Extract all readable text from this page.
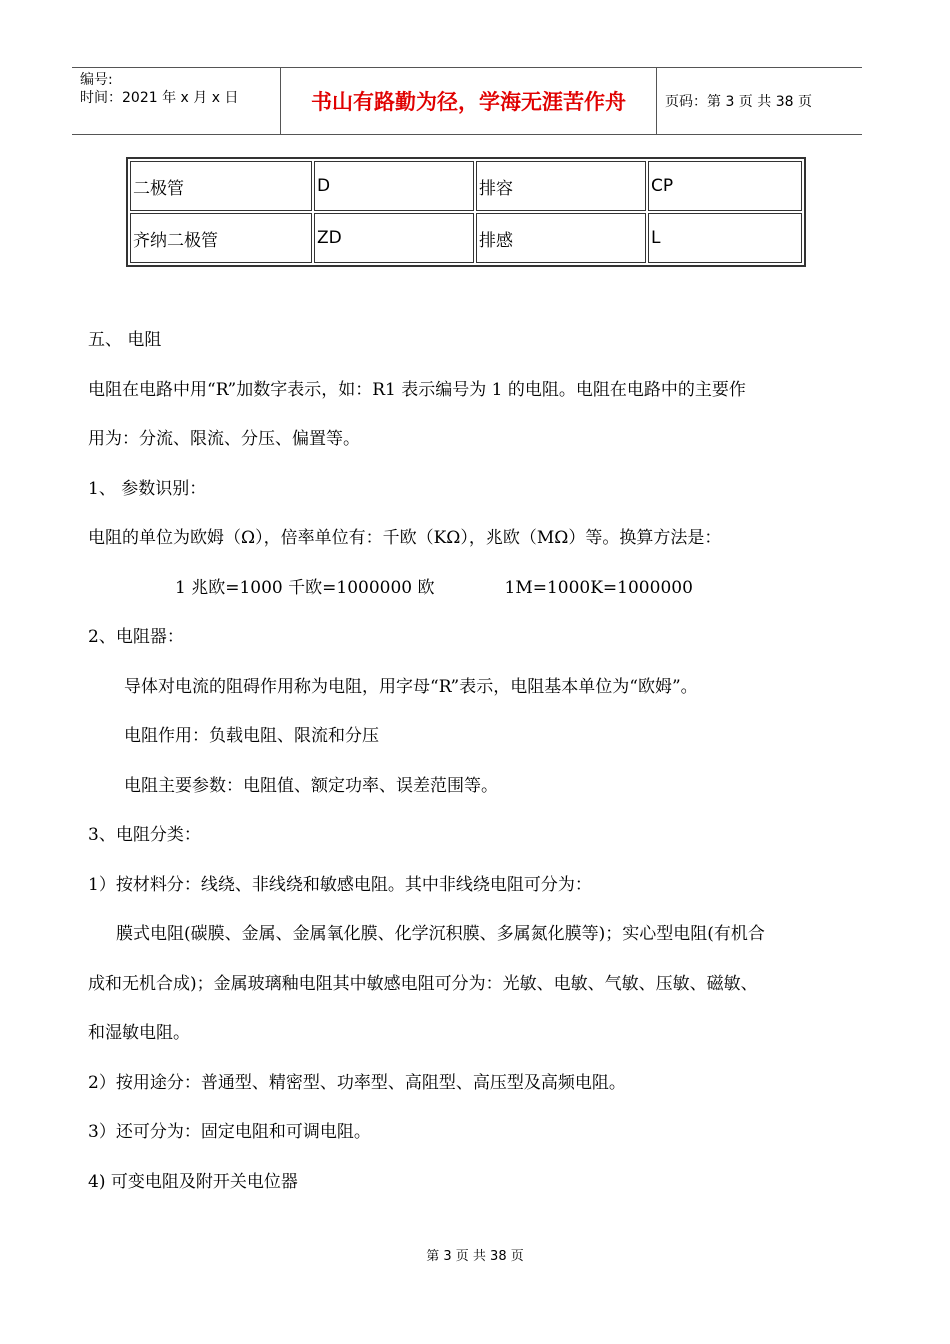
编号:
时间：2021 年 x 月 x 日	书山有路勤为径，学海无涯苦作舟	页码：第 3 页 共 38 页
二极管	D	排容	CP
齐纳二极管	ZD	排感	L
五、 电阻
电阻在电路中用“R”加数字表示，如：R1 表示编号为 1 的电阻。电阻在电路中的主要作
用为：分流、限流、分压、偏置等。
1、 参数识别：
电阻的单位为欧姆（Ω），倍率单位有：千欧（KΩ），兆欧（MΩ）等。换算方法是：
1 兆欧=1000 千欧=1000000 欧	1M=1000K=1000000
2、电阻器：
导体对电流的阻碍作用称为电阻，用字母“R”表示，电阻基本单位为“欧姆”。
电阻作用：负载电阻、限流和分压
电阻主要参数：电阻值、额定功率、误差范围等。
3、电阻分类：
1）按材料分：线绕、非线绕和敏感电阻。其中非线绕电阻可分为：
膜式电阻(碳膜、金属、金属氧化膜、化学沉积膜、多属氮化膜等)；实心型电阻(有机合
成和无机合成)；金属玻璃釉电阻其中敏感电阻可分为：光敏、电敏、气敏、压敏、磁敏、
和湿敏电阻。
2）按用途分：普通型、精密型、功率型、高阻型、高压型及高频电阻。
3）还可分为：固定电阻和可调电阻。
4) 可变电阻及附开关电位器
第 3 页 共 38 页
